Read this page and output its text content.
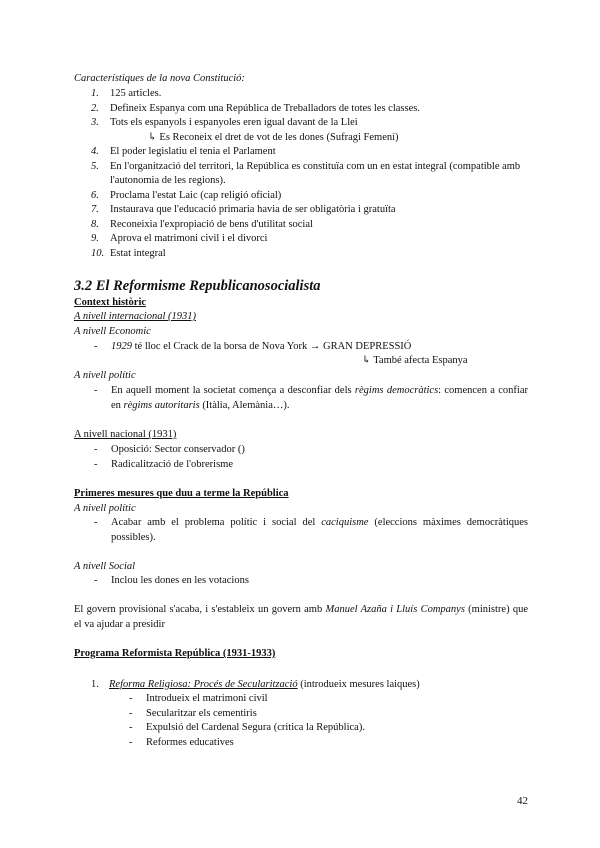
Característiques de la nova Constitució:

1. 125 articles.
2. Defineix Espanya com una República de Treballadors de totes les classes.
3. Tots els espanyols i espanyoles eren igual davant de la Llei
↳ Es Reconeix el dret de vot de les dones (Sufragi Femení)
4. El poder legislatiu el tenia el Parlament
5. En l'organització del territori, la República es constituïa com un en estat integral (compatible amb l'autonomia de les regions).
6. Proclama l'estat Laic (cap religió oficial)
7. Instaurava que l'educació primaria havia de ser obligatòria i gratuïta
8. Reconeixia l'expropiació de bens d'utilitat social
9. Aprova el matrimoni civil i el divorci
10. Estat integral

3.2 El Reformisme Republicanosocialista

Context històric

A nivell internacional (1931)

A nivell Economic

- 1929 té lloc el Crack de la borsa de Nova York → GRAN DEPRESSIÓ

↳ També afecta Espanya

A nivell polític

- En aquell moment la societat comença a desconfiar dels règims democràtics: comencen a confiar en règims autoritaris (Itàlia, Alemània…).

A nivell nacional (1931)

- Oposició: Sector conservador ()
- Radicalització de l'obrerisme

Primeres mesures que duu a terme la República

A nivell polític

- Acabar amb el problema polític i social del caciquisme (eleccions màximes democràtiques possibles).

A nivell Social

- Inclou les dones en les votacions

El govern provisional s'acaba, i s'estableix un govern amb Manuel Azaña i Lluís Companys (ministre) que el va ajudar a presidir

Programa Reformista República (1931-1933)

1. Reforma Religiosa: Procés de Secularització (introdueix mesures laiques)
- Introdueix el matrimoni civil
- Secularitzar els cementiris
- Expulsió del Cardenal Segura (critica la República).
- Reformes educatives
42
